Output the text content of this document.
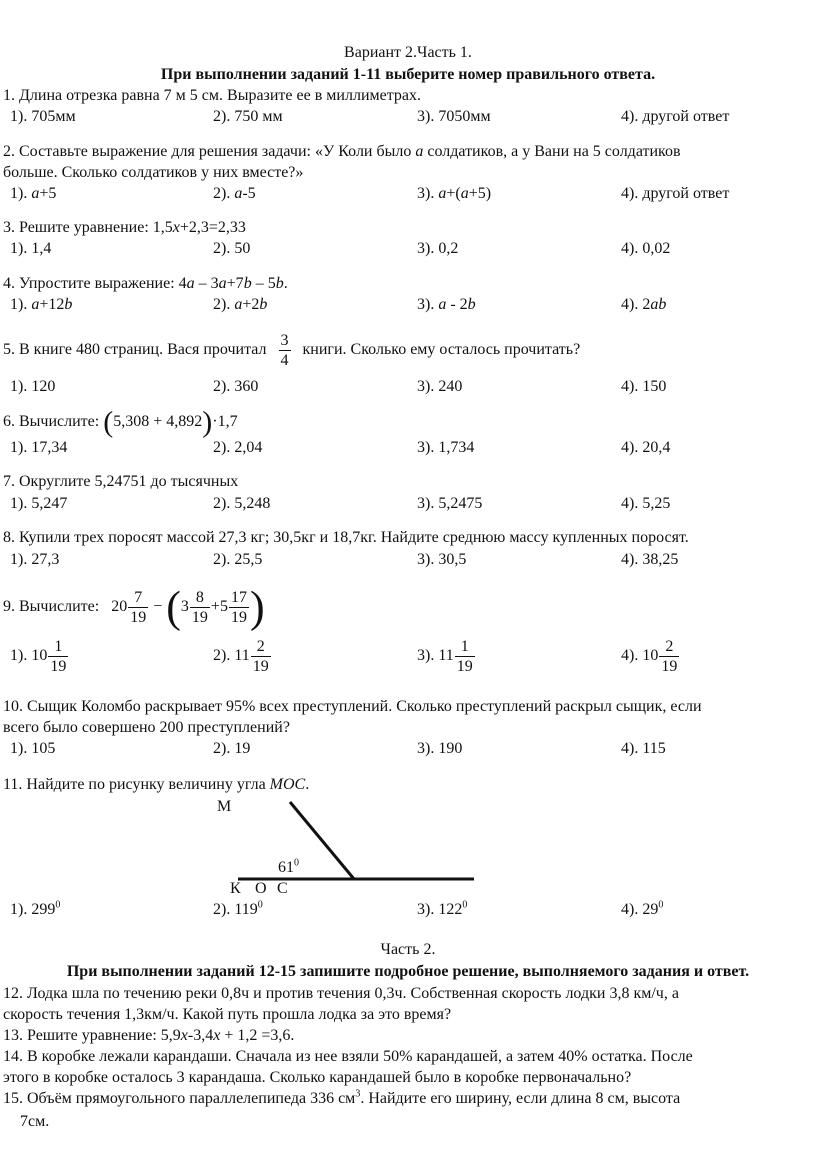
Вариант 2.Часть 1.
При выполнении заданий 1-11 выберите номер правильного ответа.
1. Длина отрезка равна 7 м 5 см. Выразите ее в миллиметрах.
1). 705мм	2). 750 мм	3). 7050мм	4). другой ответ
2. Составьте выражение для решения задачи: «У Коли было a солдатиков, а у Вани на 5 солдатиков
больше. Сколько солдатиков у них вместе?»
1). a+5	2). a-5	3). a+(a+5)	4). другой ответ
3. Решите уравнение: 1,5x+2,3=2,33
1). 1,4	2). 50	3). 0,2	4). 0,02
4. Упростите выражение: 4a – 3a+7b – 5b.
1). a+12b	2). a+2b	3). a - 2b	4). 2ab
5. В книге 480 страниц. Вася прочитал $\frac{3}{4}$ книги. Сколько ему осталось прочитать?
1). 120	2). 360	3). 240	4). 150
6. Вычислите: (5,308 + 4,892)·1,7
1). 17,34	2). 2,04	3). 1,734	4). 20,4
7. Округлите 5,24751 до тысячных
1). 5,247	2). 5,248	3). 5,2475	4). 5,25
8. Купили трех поросят массой 27,3 кг; 30,5кг и 18,7кг. Найдите среднюю массу купленных поросят.
1). 27,3	2). 25,5	3). 30,5	4). 38,25
9. Вычислите: $20 \frac{7}{19} - (3 \frac{8}{19} +5 \frac{17}{19}$ )
1). $10 \frac{1}{19}$	2). $11 \frac{2}{19}$	3). $11 \frac{1}{19}$	4). $10 \frac{2}{19}$
10. Сыщик Коломбо раскрывает 95% всех преступлений. Сколько преступлений раскрыл сыщик, если
всего было совершено 200 преступлений?
1). 105	2). 19	3). 190	4). 115
11. Найдите по рисунку величину угла MOC.
M
$61^0$
К О С
1). $299^0$	2). $119^0$	3). $122^0$	4). $29^0$
Часть 2.
При выполнении заданий 12-15 запишите подробное решение, выполняемого задания и ответ.
12. Лодка шла по течению реки 0,8ч и против течения 0,3ч. Собственная скорость лодки 3,8 км/ч, а
скорость течения 1,3км/ч. Какой путь прошла лодка за это время?
13. Решите уравнение: 5,9x-3,4x + 1,2 =3,6.
14. В коробке лежали карандаши. Сначала из нее взяли 50% карандашей, а затем 40% остатка. После
этого в коробке осталось 3 карандаша. Сколько карандашей было в коробке первоначально?
15. Объём прямоугольного параллелепипеда 336 $см^3$. Найдите его ширину, если длина 8 см, высота
7см.
